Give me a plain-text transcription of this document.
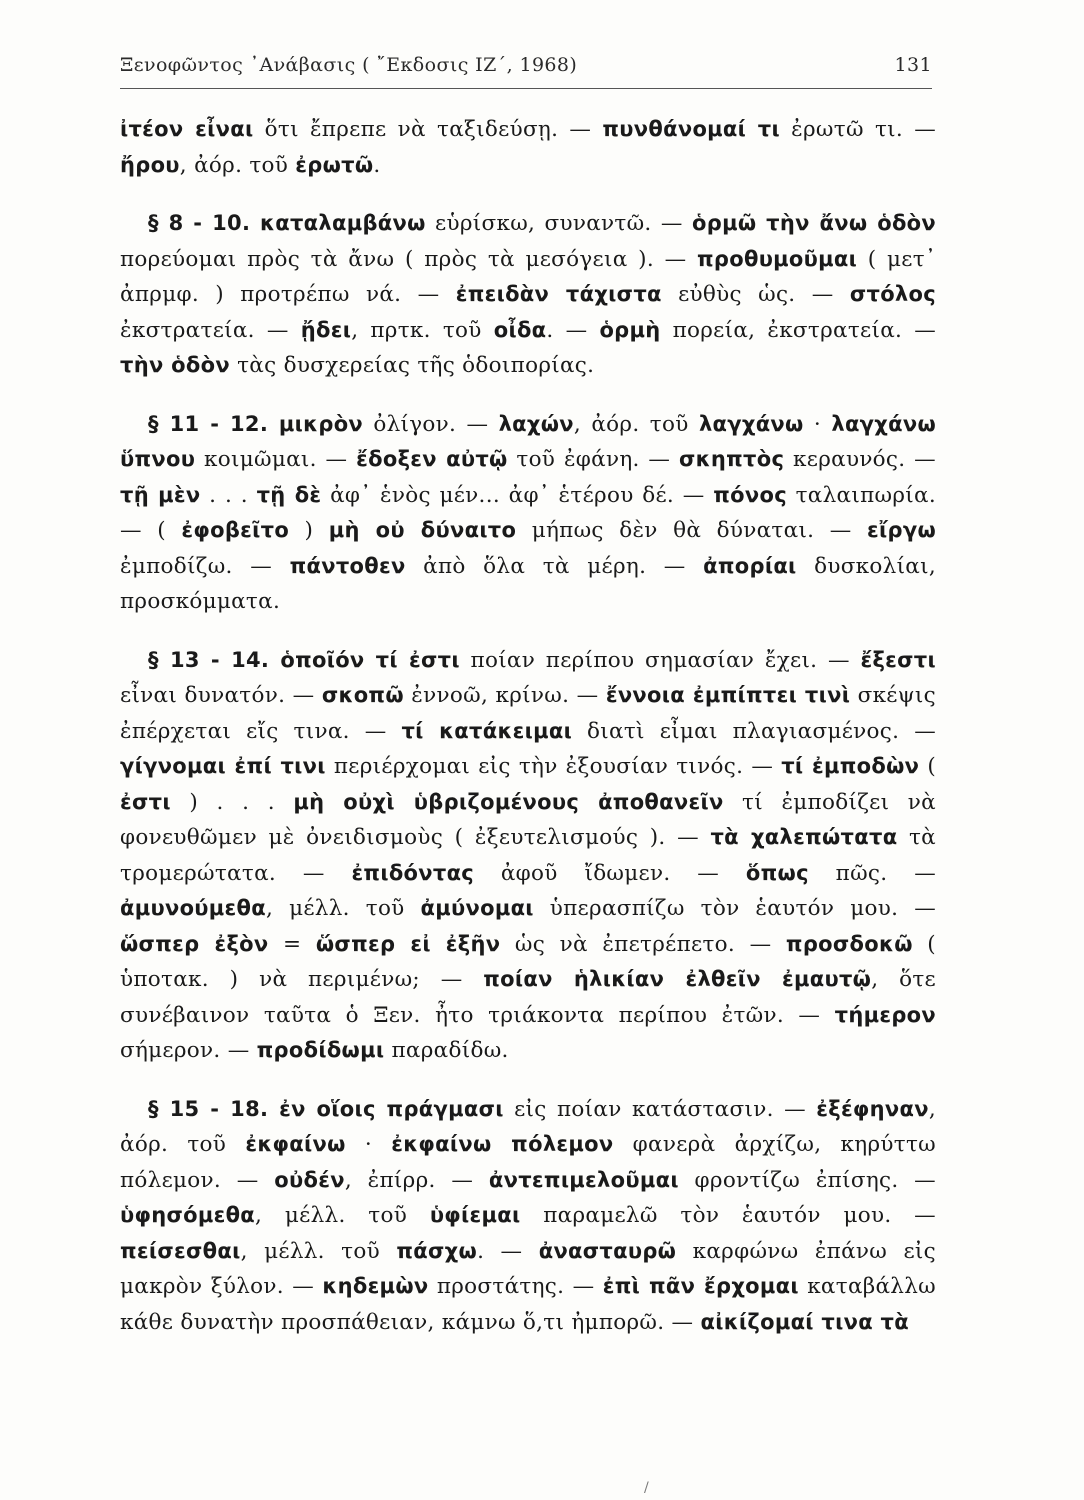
Ξενοφῶντος ᾿Ανάβασις ( ῎Εκδοσις ΙΖ΄, 1968)	131

ἰτέον εἶναι ὅτι ἔπρεπε νὰ ταξιδεύσῃ. — πυνθάνομαί τι ἐρωτῶ τι. — ἤρου, ἀόρ. τοῦ ἐρωτῶ.

§ 8 - 10. καταλαμβάνω εὑρίσκω, συναντῶ. — ὁρμῶ τὴν ἄνω ὁδὸν πορεύομαι πρὸς τὰ ἄνω ( πρὸς τὰ μεσόγεια ). — προθυμοῦμαι ( μετ᾿ ἀπρμφ. ) προτρέπω νά. — ἐπειδὰν τάχιστα εὐθὺς ὡς. — στόλος ἐκστρατεία. — ᾔδει, πρτκ. τοῦ οἶδα. — ὁρμὴ πορεία, ἐκστρατεία. — τὴν ὁδὸν τὰς δυσχερείας τῆς ὁδοιπορίας.

§ 11 - 12. μικρὸν ὀλίγον. — λαχών, ἀόρ. τοῦ λαγχάνω · λαγχάνω ὕπνου κοιμῶμαι. — ἔδοξεν αὐτῷ τοῦ ἐφάνη. — σκηπτὸς κεραυνός. — τῇ μὲν . . . τῇ δὲ ἀφ᾿ ἑνὸς μέν... ἀφ᾿ ἑτέρου δέ. — πόνος ταλαιπωρία. — ( ἐφοβεῖτο ) μὴ οὐ δύναιτο μήπως δὲν θὰ δύναται. — εἴργω ἐμποδίζω. — πάντοθεν ἀπὸ ὅλα τὰ μέρη. — ἀπορίαι δυσκολίαι, προσκόμματα.

§ 13 - 14. ὁποῖόν τί ἐστι ποίαν περίπου σημασίαν ἔχει. — ἔξεστι εἶναι δυνατόν. — σκοπῶ ἐννοῶ, κρίνω. — ἔννοια ἐμπίπτει τινὶ σκέψις ἐπέρχεται εἴς τινα. — τί κατάκειμαι διατὶ εἶμαι πλαγιασμένος. — γίγνομαι ἐπί τινι περιέρχομαι εἰς τὴν ἐξουσίαν τινός. — τί ἐμποδὼν ( ἐστι ) . . . μὴ οὐχὶ ὑβριζομένους ἀποθανεῖν τί ἐμποδίζει νὰ φονευθῶμεν μὲ ὀνειδισμοὺς ( ἐξευτελισμούς ). — τὰ χαλεπώτατα τὰ τρομερώτατα. — ἐπιδόντας ἀφοῦ ἴδωμεν. — ὅπως πῶς. — ἀμυνούμεθα, μέλλ. τοῦ ἀμύνομαι ὑπερασπίζω τὸν ἑαυτόν μου. — ὥσπερ ἐξὸν = ὥσπερ εἰ ἐξῆν ὡς νὰ ἐπετρέπετο. — προσδοκῶ ( ὑποτακ. ) νὰ περιμένω; — ποίαν ἡλικίαν ἐλθεῖν ἐμαυτῷ, ὅτε συνέβαινον ταῦτα ὁ Ξεν. ἦτο τριάκοντα περίπου ἐτῶν. — τήμερον σήμερον. — προδίδωμι παραδίδω.

§ 15 - 18. ἐν οἵοις πράγμασι εἰς ποίαν κατάστασιν. — ἐξέφηναν, ἀόρ. τοῦ ἐκφαίνω · ἐκφαίνω πόλεμον φανερὰ ἀρχίζω, κηρύττω πόλεμον. — οὐδέν, ἐπίρρ. — ἀντεπιμελοῦμαι φροντίζω ἐπίσης. — ὑφησόμεθα, μέλλ. τοῦ ὑφίεμαι παραμελῶ τὸν ἑαυτόν μου. — πείσεσθαι, μέλλ. τοῦ πάσχω. — ἀνασταυρῶ καρφώνω ἐπάνω εἰς μακρὸν ξύλον. — κηδεμὼν προστάτης. — ἐπὶ πᾶν ἔρχομαι καταβάλλω κάθε δυνατὴν προσπάθειαν, κάμνω ὅ,τι ἠμπορῶ. — αἰκίζομαί τινα τὰ

/
